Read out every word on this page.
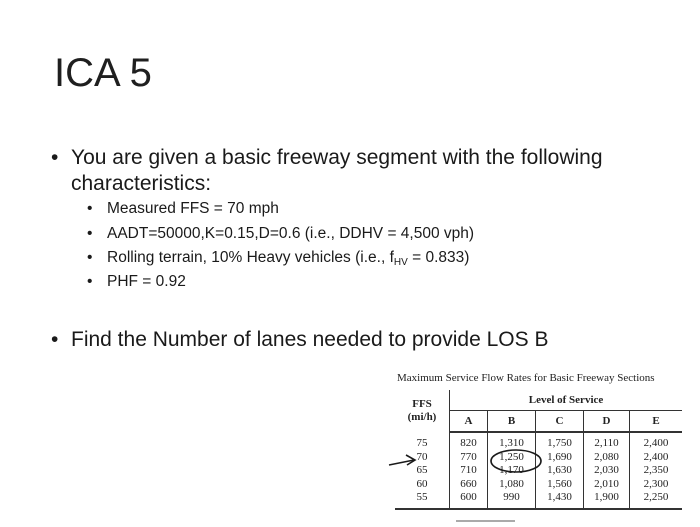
ICA 5
• You are given a basic freeway segment with the following
characteristics:
• Measured FFS = 70 mph
• AADT=50000,K=0.15,D=0.6 (i.e., DDHV = 4,500 vph)
• Rolling terrain, 10% Heavy vehicles (i.e., $f_{HV} = 0.833$)
• PHF = 0.92
• Find the Number of lanes needed to provide LOS B
Maximum Service Flow Rates for Basic Freeway Sections
FFS
(mi/h)	Level of Service				
	A	B	C	D	E
75	820	1,310	1,750	2,110	2,400
70	770	1,250	1,690	2,080	2,400
65	710	1,170	1,630	2,030	2,350
60	660	1,080	1,560	2,010	2,300
55	600	990	1,430	1,900	2,250
